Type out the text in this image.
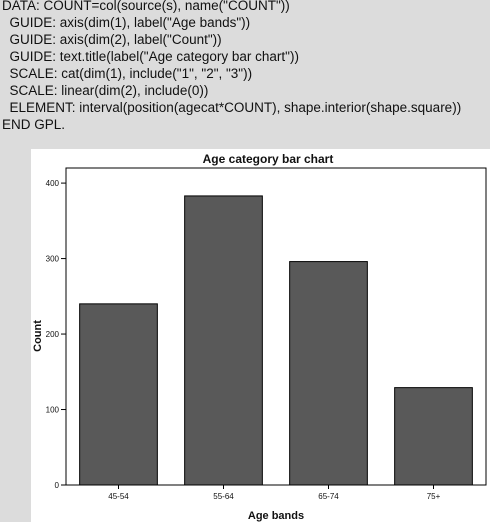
DATA: COUNT=col(source(s), name("COUNT"))
GUIDE: axis(dim(1), label("Age bands"))
GUIDE: axis(dim(2), label("Count"))
GUIDE: text.title(label("Age category bar chart"))
SCALE: cat(dim(1), include("1", "2", "3"))
SCALE: linear(dim(2), include(0))
ELEMENT: interval(position(agecat*COUNT), shape.interior(shape.square))
END GPL.
Age category bar chart
Age bands
Count
0
100
200
300
400
45-54	55-64	65-74	75+
